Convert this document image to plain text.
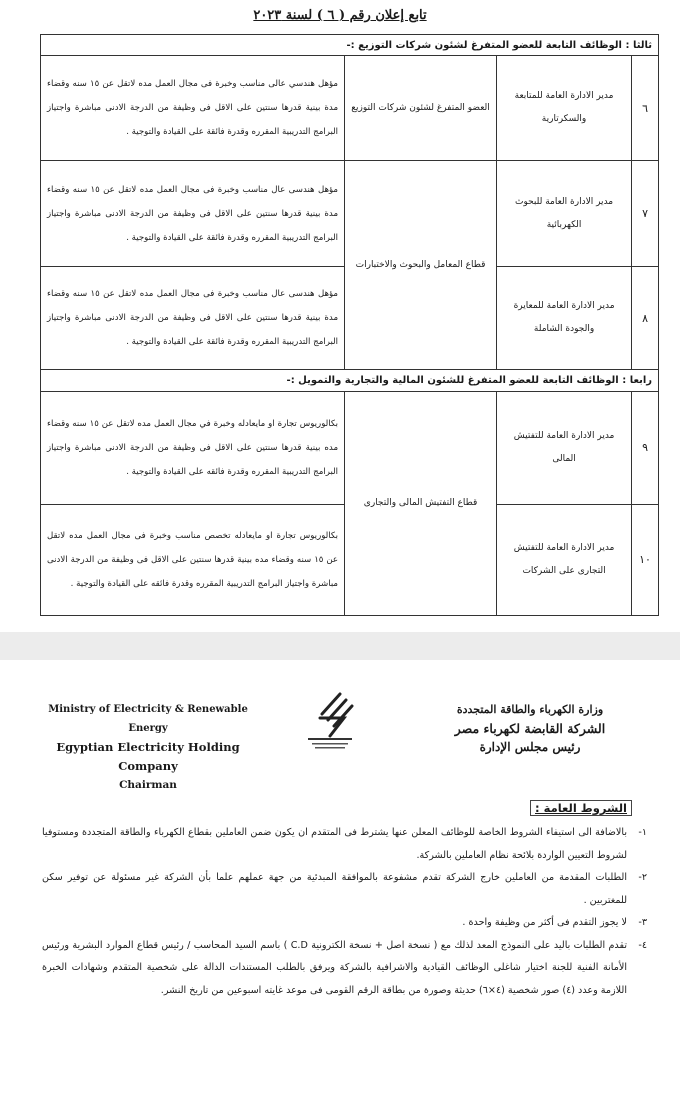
تابع إعلان رقم ( ٦ ) لسنة ٢٠٢٣
ثالثا : الوظائف التابعة للعضو المتفرغ لشئون شركات التوزيع :-			
٦	مدير الادارة العامة للمتابعة والسكرتارية	العضو المتفرغ لشئون شركات التوزيع	مؤهل هندسي عالى مناسب وخبرة فى مجال العمل مده لاتقل عن ١٥ سنه وقضاء مدة بينية قدرها سنتين على الاقل فى وظيفة من الدرجة الادنى مباشرة واجتياز البرامج التدريبية المقرره وقدرة فائقة على القيادة والتوجية .
٧	مدير الادارة العامة للبحوث الكهربائية	قطاع المعامل والبحوث والاختبارات	مؤهل هندسى عال مناسب وخبرة فى مجال العمل مده لاتقل عن ١٥ سنه وقضاء مدة بينية قدرها سنتين على الاقل فى وظيفة من الدرجة الادنى مباشرة واجتياز البرامج التدريبية المقرره وقدرة فائقة على القيادة والتوجية .
٨	مدير الادارة العامة للمعايرة والجودة الشاملة		مؤهل هندسى عال مناسب وخبرة فى مجال العمل مده لاتقل عن ١٥ سنه وقضاء مدة بينية قدرها سنتين على الاقل فى وظيفة من الدرجة الادنى مباشرة واجتياز البرامج التدريبية المقرره وقدرة فائقة على القيادة والتوجية .
رابعا : الوظائف التابعة للعضو المتفرغ للشئون المالية والتجارية والتمويل :-			
٩	مدير الادارة العامة للتفتيش المالى	قطاع التفتيش المالى والتجارى	بكالوريوس تجارة او مايعادله وخبرة في مجال العمل مده لاتقل عن ١٥ سنه وقضاء مده بينية قدرها سنتين على الاقل فى وظيفة من الدرجة الادنى مباشرة واجتياز البرامج التدريبية المقرره وقدرة فائقه على القيادة والتوجية .
١٠	مدير الادارة العامة للتفتيش التجارى على الشركات		بكالوريوس تجارة او مايعادله تخصص مناسب وخبرة فى مجال العمل مده لاتقل عن ١٥ سنه وقضاء مده بينية قدرها سنتين على الاقل فى وظيفة من الدرجة الادنى مباشرة واجتياز البرامج التدريبية المقرره وقدرة فائقه على القيادة والتوجية .
Ministry of Electricity & Renewable Energy
Egyptian Electricity Holding Company
Chairman
وزارة الكهرباء والطاقة المتجددة
الشركة القابضة لكهرباء مصر
رئيس مجلس الإدارة
الشروط العامة :
١-
بالاضافة الى استيفاء الشروط الخاصة للوظائف المعلن عنها يشترط فى المتقدم ان يكون ضمن العاملين بقطاع الكهرباء والطاقة المتجددة ومستوفيا لشروط التعيين الواردة بلائحة نظام العاملين بالشركة.
٢-
الطلبات المقدمة من العاملين خارج الشركة تقدم مشفوعة بالموافقة المبدئية من جهة عملهم علما بأن الشركة غير مسئولة عن توفير سكن للمغتربين .
٣-
لا يجوز التقدم فى أكثر من وظيفة واحدة .
٤-
تقدم الطلبات باليد على النموذج المعد لذلك مع ( نسخة اصل + نسخة الكترونية C.D ) باسم السيد المحاسب / رئيس قطاع الموارد البشرية ورئيس الأمانة الفنية للجنة اختيار شاغلى الوظائف القيادية والاشرافية بالشركة ويرفق بالطلب المستندات الدالة على شخصية المتقدم وشهادات الخبرة اللازمة وعدد (٤) صور شخصية (٤×٦) حديثة وصورة من بطاقة الرقم القومى فى موعد غايته اسبوعين من تاريخ النشر.
